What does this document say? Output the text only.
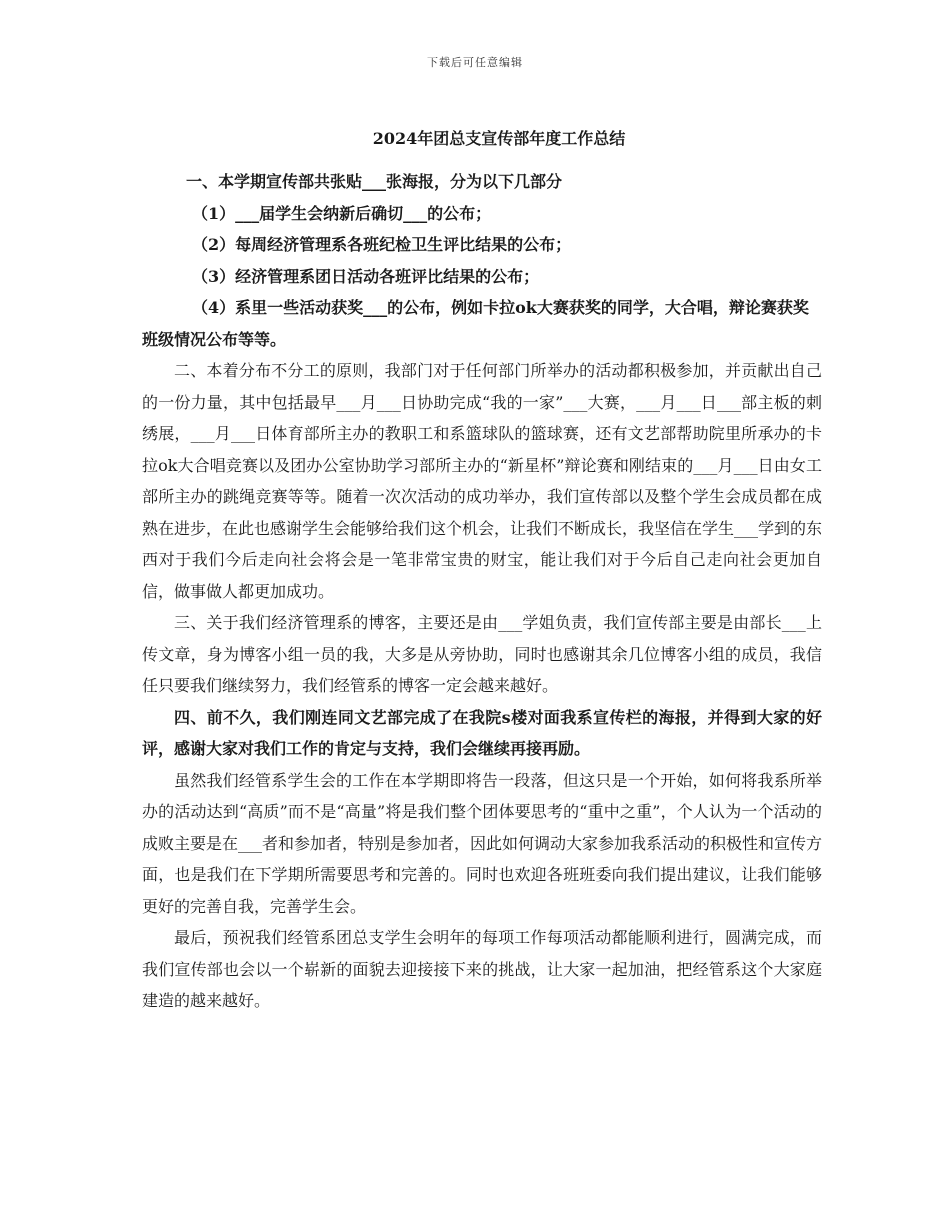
下载后可任意编辑
2024年团总支宣传部年度工作总结

一、本学期宣传部共张贴___张海报，分为以下几部分

（1）___届学生会纳新后确切___的公布；

（2）每周经济管理系各班纪检卫生评比结果的公布；

（3）经济管理系团日活动各班评比结果的公布；

（4）系里一些活动获奖___的公布，例如卡拉ok大赛获奖的同学，大合唱，辩论赛获奖班级情况公布等等。

二、本着分布不分工的原则，我部门对于任何部门所举办的活动都积极参加，并贡献出自己的一份力量，其中包括最早___月___日协助完成“我的一家”___大赛，___月___日___部主板的刺绣展，___月___日体育部所主办的教职工和系篮球队的篮球赛，还有文艺部帮助院里所承办的卡拉ok大合唱竞赛以及团办公室协助学习部所主办的“新星杯”辩论赛和刚结束的___月___日由女工部所主办的跳绳竞赛等等。随着一次次活动的成功举办，我们宣传部以及整个学生会成员都在成熟在进步，在此也感谢学生会能够给我们这个机会，让我们不断成长，我坚信在学生___学到的东西对于我们今后走向社会将会是一笔非常宝贵的财宝，能让我们对于今后自己走向社会更加自信，做事做人都更加成功。

三、关于我们经济管理系的博客，主要还是由___学姐负责，我们宣传部主要是由部长___上传文章，身为博客小组一员的我，大多是从旁协助，同时也感谢其余几位博客小组的成员，我信任只要我们继续努力，我们经管系的博客一定会越来越好。

四、前不久，我们刚连同文艺部完成了在我院s楼对面我系宣传栏的海报，并得到大家的好评，感谢大家对我们工作的肯定与支持，我们会继续再接再励。

虽然我们经管系学生会的工作在本学期即将告一段落，但这只是一个开始，如何将我系所举办的活动达到“高质”而不是“高量”将是我们整个团体要思考的“重中之重”，个人认为一个活动的成败主要是在___者和参加者，特别是参加者，因此如何调动大家参加我系活动的积极性和宣传方面，也是我们在下学期所需要思考和完善的。同时也欢迎各班班委向我们提出建议，让我们能够更好的完善自我，完善学生会。

最后，预祝我们经管系团总支学生会明年的每项工作每项活动都能顺利进行，圆满完成，而我们宣传部也会以一个崭新的面貌去迎接接下来的挑战，让大家一起加油，把经管系这个大家庭建造的越来越好。
